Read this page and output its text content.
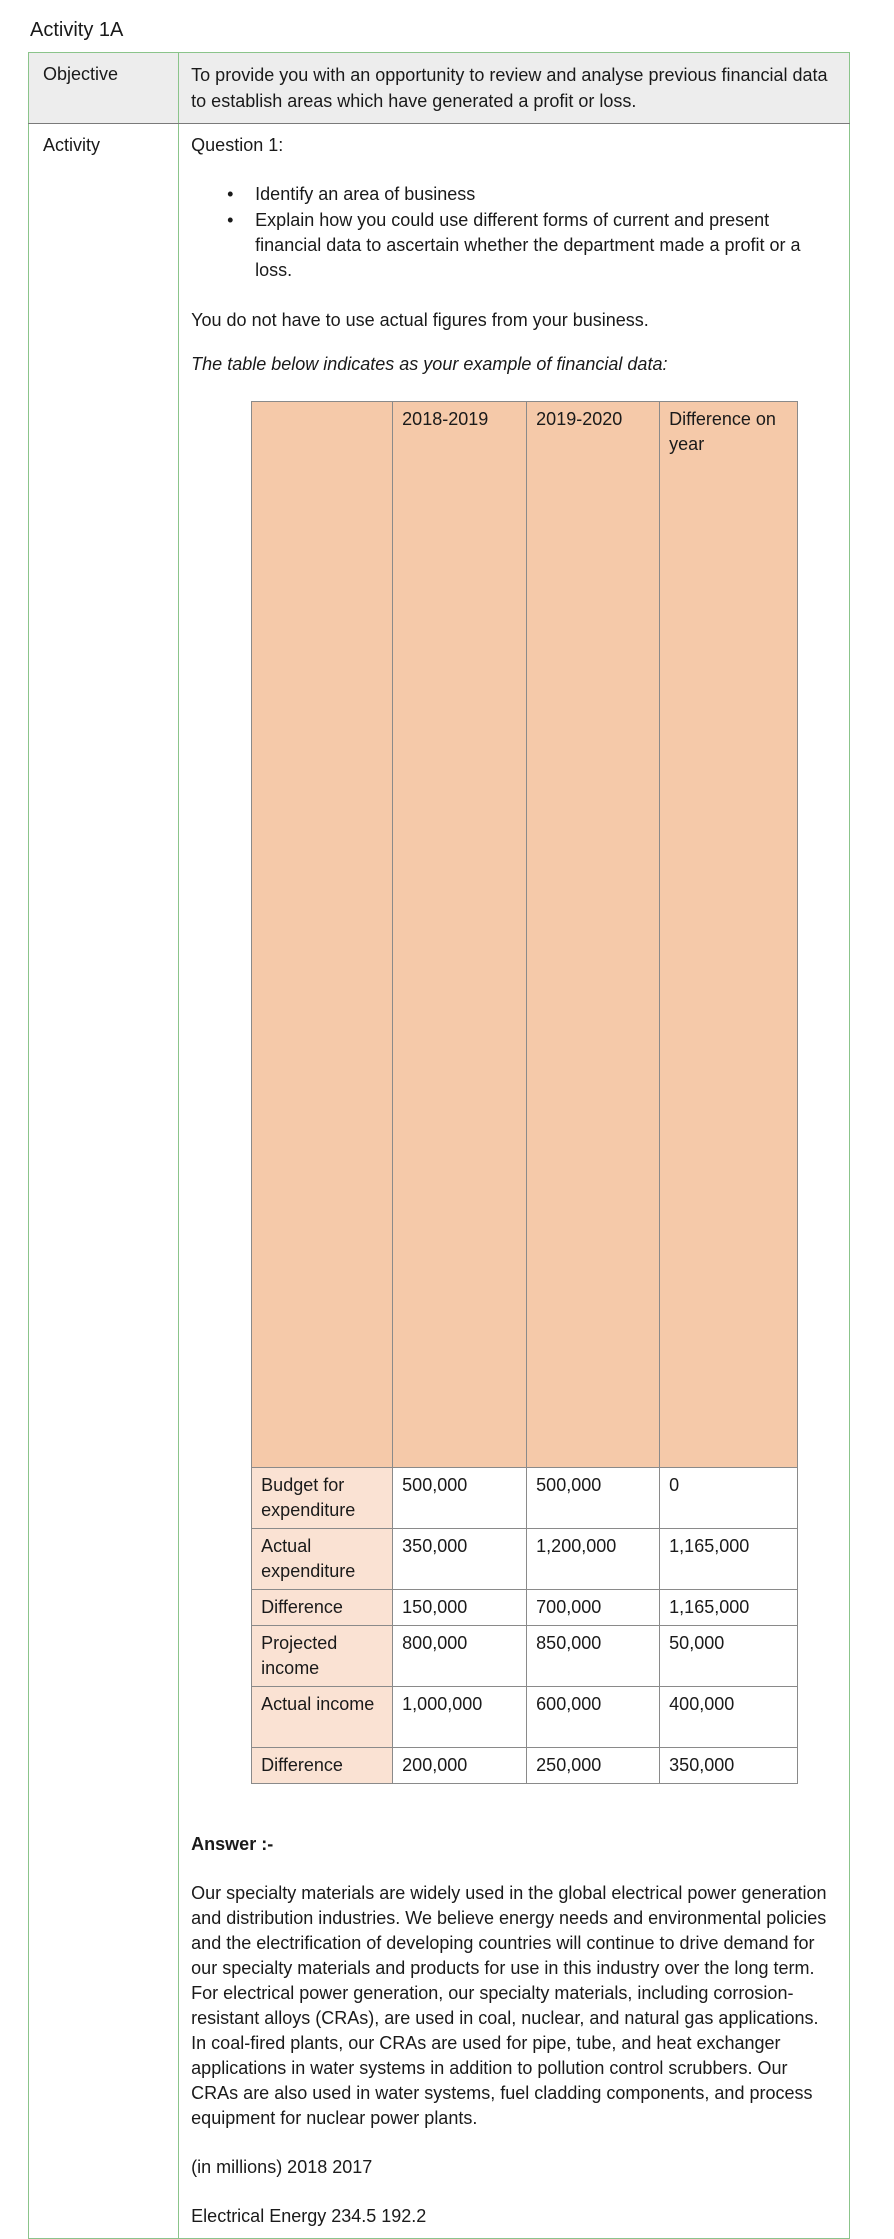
Activity 1A
Objective	To provide you with an opportunity to review and analyse previous financial data to establish areas which have generated a profit or loss.

Activity	Question 1:
• Identify an area of business
• Explain how you could use different forms of current and present financial data to ascertain whether the department made a profit or a loss.
You do not have to use actual figures from your business.
The table below indicates as your example of financial data:
	2018-2019	2019-2020	Difference on year
Budget for expenditure	500,000	500,000	0
Actual expenditure	350,000	1,200,000	1,165,000
Difference	150,000	700,000	1,165,000
Projected income	800,000	850,000	50,000
Actual income	1,000,000	600,000	400,000
Difference	200,000	250,000	350,000
Answer :-
Our specialty materials are widely used in the global electrical power generation and distribution industries. We believe energy needs and environmental policies and the electrification of developing countries will continue to drive demand for our specialty materials and products for use in this industry over the long term. For electrical power generation, our specialty materials, including corrosion-resistant alloys (CRAs), are used in coal, nuclear, and natural gas applications. In coal-fired plants, our CRAs are used for pipe, tube, and heat exchanger applications in water systems in addition to pollution control scrubbers. Our CRAs are also used in water systems, fuel cladding components, and process equipment for nuclear power plants.
(in millions) 2018 2017
Electrical Energy 234.5 192.2
